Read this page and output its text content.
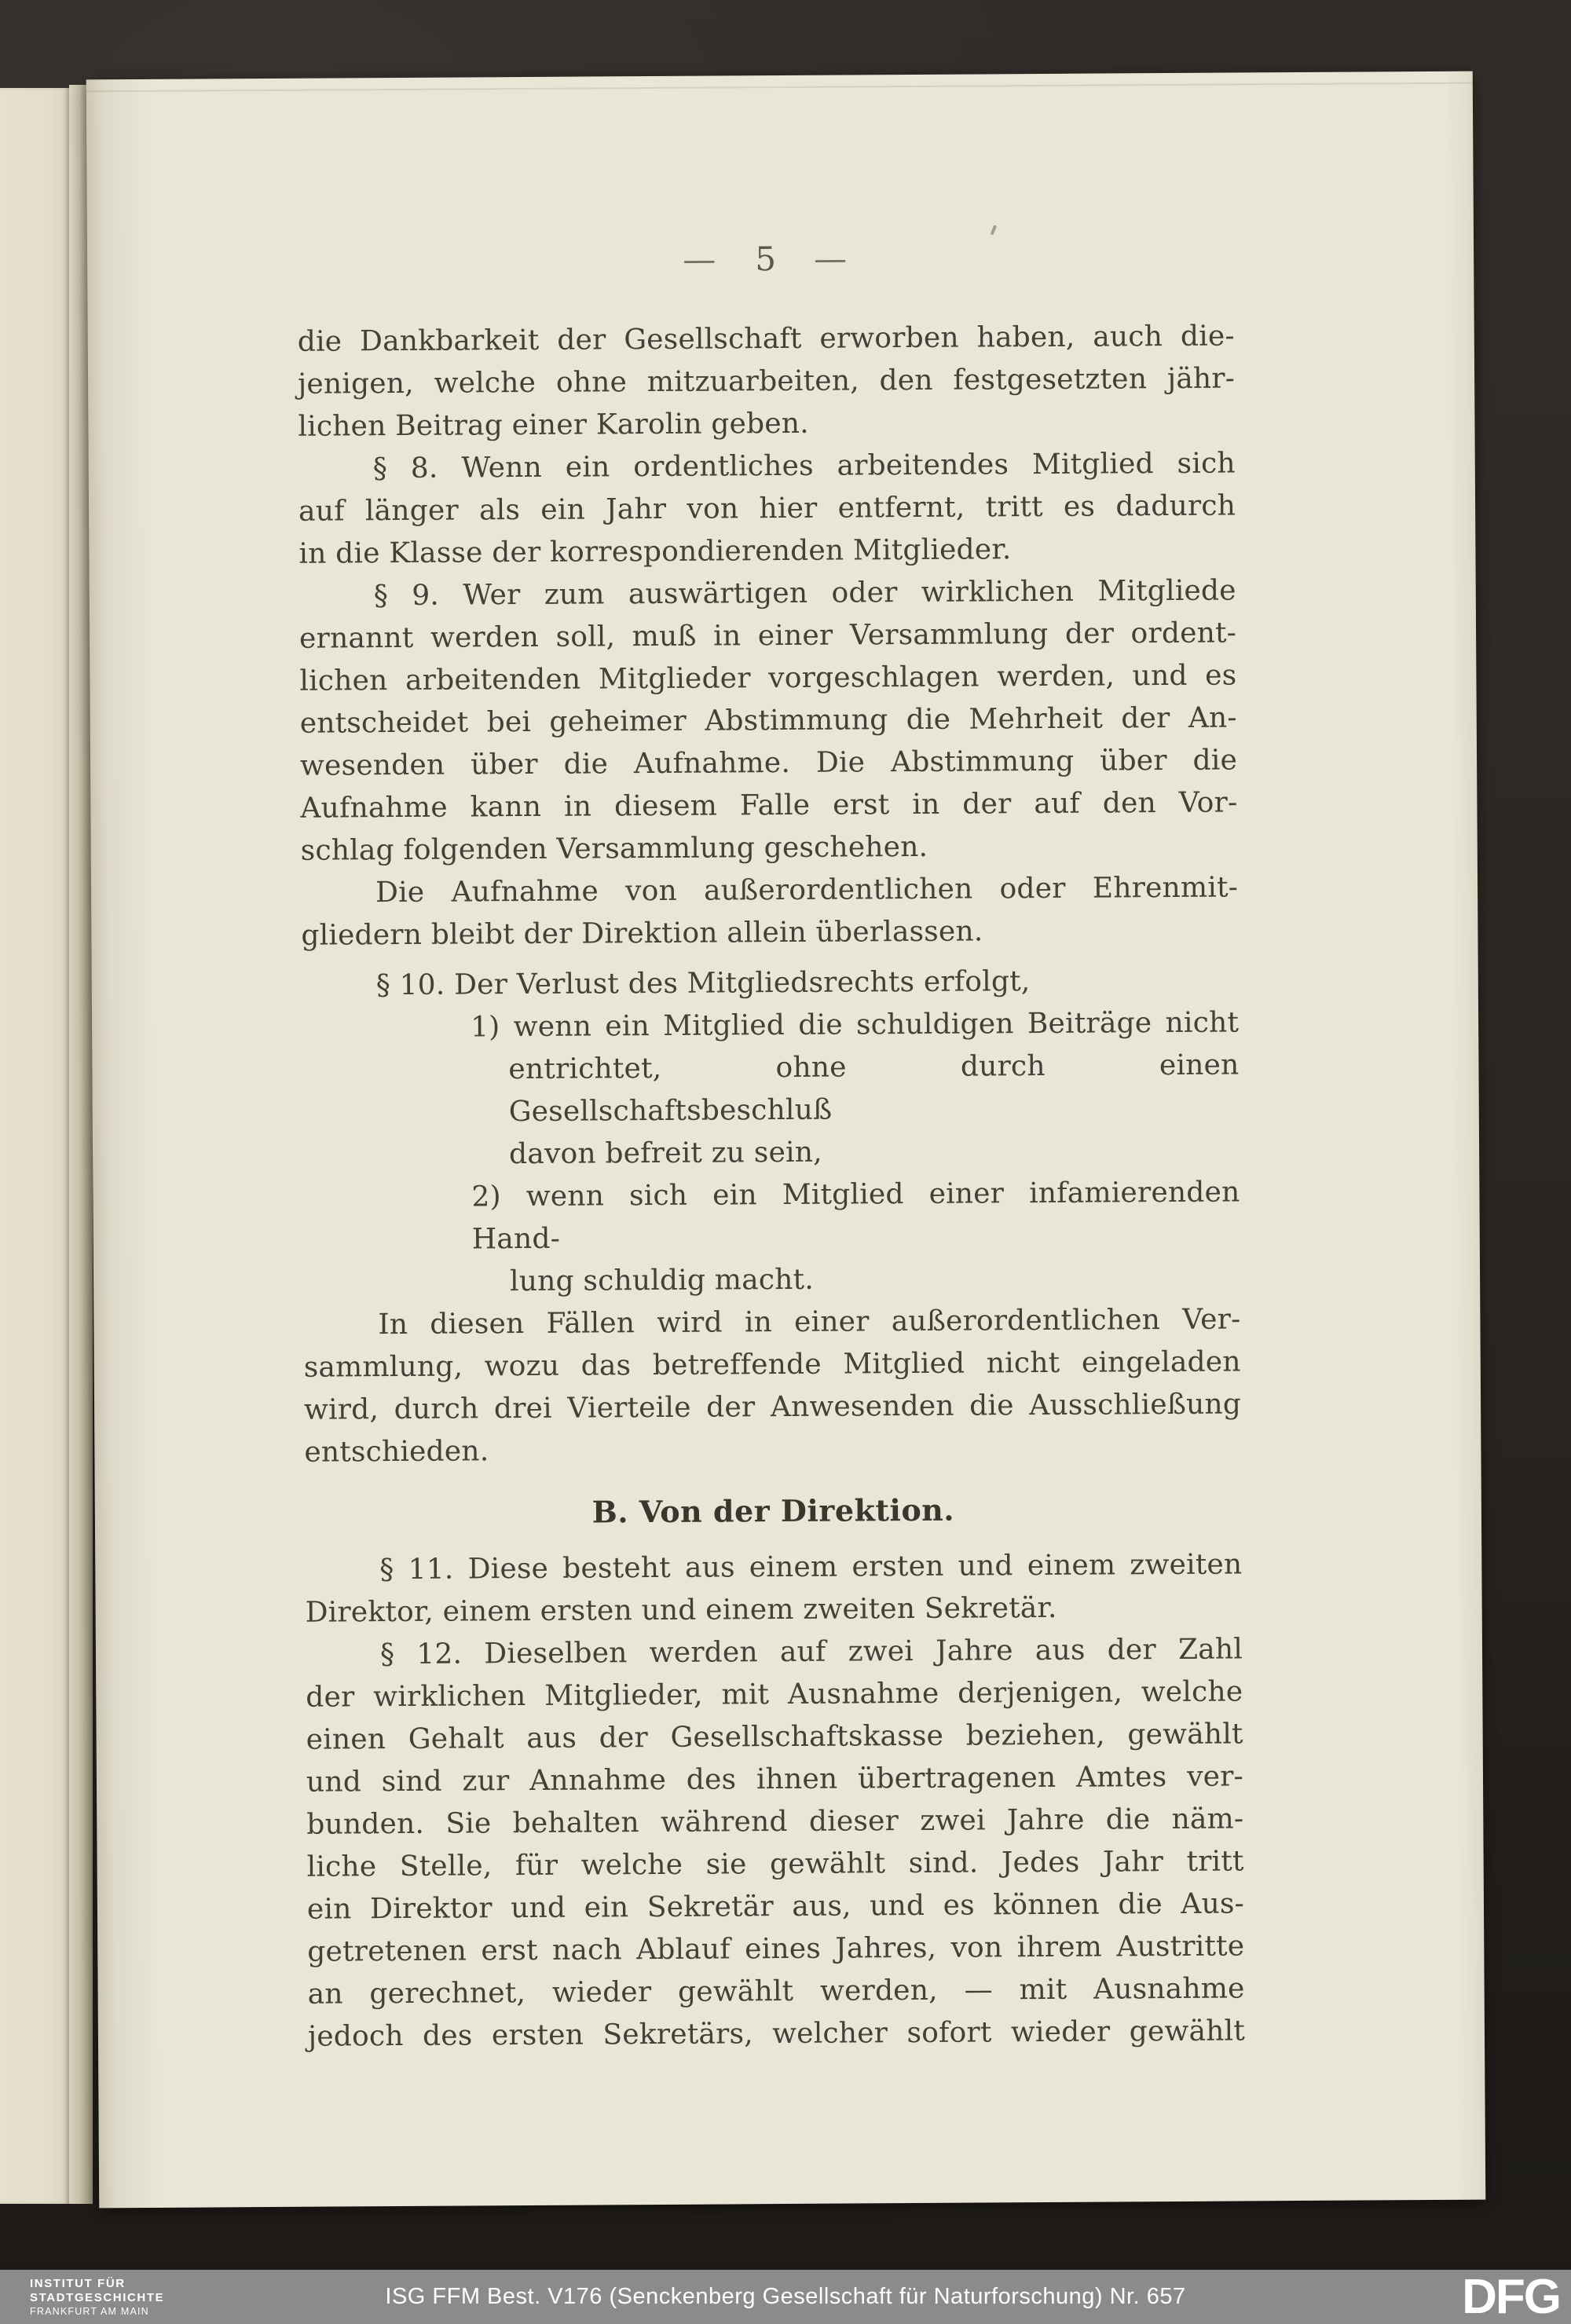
— 5 —
die Dankbarkeit der Gesellschaft erworben haben, auch die-
jenigen, welche ohne mitzuarbeiten, den festgesetzten jähr-
lichen Beitrag einer Karolin geben.
§ 8. Wenn ein ordentliches arbeitendes Mitglied sich
auf länger als ein Jahr von hier entfernt, tritt es dadurch
in die Klasse der korrespondierenden Mitglieder.
§ 9. Wer zum auswärtigen oder wirklichen Mitgliede
ernannt werden soll, muß in einer Versammlung der ordent-
lichen arbeitenden Mitglieder vorgeschlagen werden, und es
entscheidet bei geheimer Abstimmung die Mehrheit der An-
wesenden über die Aufnahme. Die Abstimmung über die
Aufnahme kann in diesem Falle erst in der auf den Vor-
schlag folgenden Versammlung geschehen.
Die Aufnahme von außerordentlichen oder Ehrenmit-
gliedern bleibt der Direktion allein überlassen.
§ 10. Der Verlust des Mitgliedsrechts erfolgt,
1) wenn ein Mitglied die schuldigen Beiträge nicht
entrichtet, ohne durch einen Gesellschaftsbeschluß
davon befreit zu sein,
2) wenn sich ein Mitglied einer infamierenden Hand-
lung schuldig macht.
In diesen Fällen wird in einer außerordentlichen Ver-
sammlung, wozu das betreffende Mitglied nicht eingeladen
wird, durch drei Vierteile der Anwesenden die Ausschließung
entschieden.
B. Von der Direktion.
§ 11. Diese besteht aus einem ersten und einem zweiten
Direktor, einem ersten und einem zweiten Sekretär.
§ 12. Dieselben werden auf zwei Jahre aus der Zahl
der wirklichen Mitglieder, mit Ausnahme derjenigen, welche
einen Gehalt aus der Gesellschaftskasse beziehen, gewählt
und sind zur Annahme des ihnen übertragenen Amtes ver-
bunden. Sie behalten während dieser zwei Jahre die näm-
liche Stelle, für welche sie gewählt sind. Jedes Jahr tritt
ein Direktor und ein Sekretär aus, und es können die Aus-
getretenen erst nach Ablauf eines Jahres, von ihrem Austritte
an gerechnet, wieder gewählt werden, — mit Ausnahme
jedoch des ersten Sekretärs, welcher sofort wieder gewählt
INSTITUT FÜR
STADTGESCHICHTE
FRANKFURT AM MAIN
ISG FFM Best. V176 (Senckenberg Gesellschaft für Naturforschung) Nr. 657	DFG
